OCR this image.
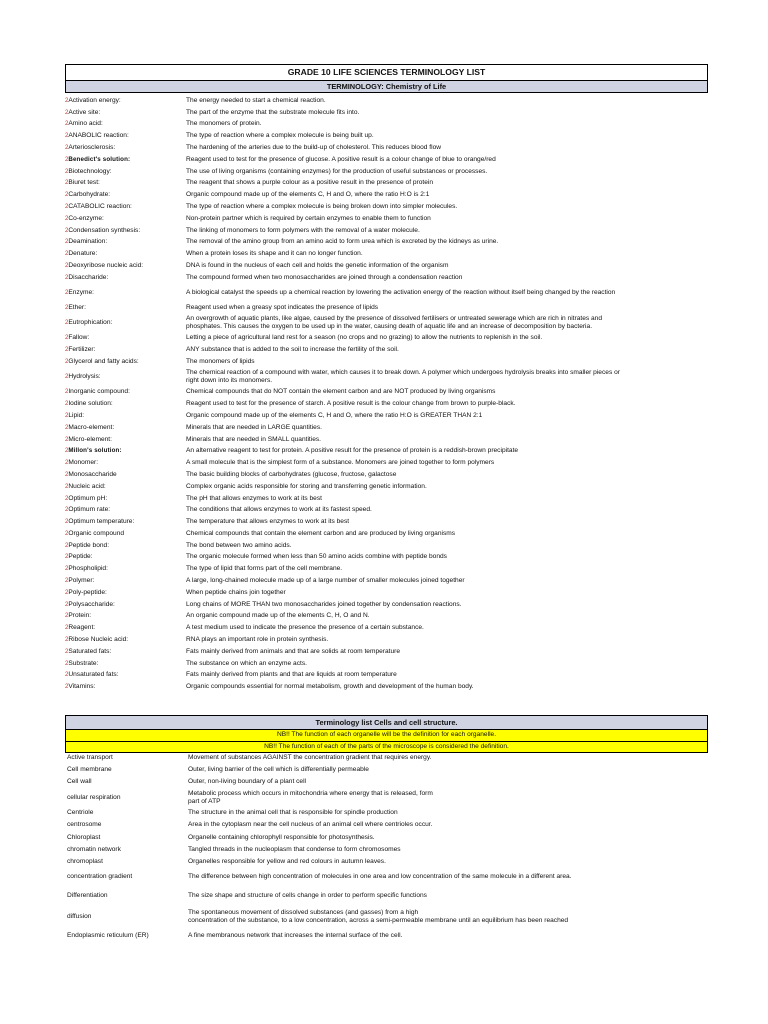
GRADE 10 LIFE SCIENCES TERMINOLOGY LIST
TERMINOLOGY: Chemistry of Life
2Activation energy:	The energy needed to start a chemical reaction.
2Active site:	The part of the enzyme that the substrate molecule fits into.
2Amino acid:	The monomers of protein.
2ANABOLIC reaction:	The type of reaction where a complex molecule is being built up.
2Arteriosclerosis:	The hardening of the arteries due to the build-up of cholesterol. This reduces blood flow
2Benedict's solution:	Reagent used to test for the presence of glucose. A positive result is a colour change of blue to orange/red
2Biotechnology:	The use of living organisms (containing enzymes) for the production of useful substances or processes.
2Biuret test:	The reagent that shows a purple colour as a positive result in the presence of protein
2Carbohydrate:	Organic compound made up of the elements C, H and O, where the ratio H:O is 2:1
2CATABOLIC reaction:	The type of reaction where a complex molecule is being broken down into simpler molecules.
2Co-enzyme:	Non-protein partner which is required by certain enzymes to enable them to function
2Condensation synthesis:	The linking of monomers to form polymers with the removal of a water molecule.
2Deamination:	The removal of the amino group from an amino acid to form urea which is excreted by the kidneys as urine.
2Denature:	When a protein loses its shape and it can no longer function.
2Deoxyribose nucleic acid:	DNA is found in the nucleus of each cell and holds the genetic information of the organism
2Disaccharide:	The compound formed when two monosaccharides are joined through a condensation reaction
2Enzyme:	A biological catalyst the speeds up a chemical reaction by lowering the activation energy of the reaction without itself being changed by the reaction
2Ether:	Reagent used when a greasy spot indicates the presence of lipids
2Eutrophication:
An overgrowth of aquatic plants, like algae, caused by the presence of dissolved fertilisers or untreated sewerage which are rich in nitrates and
phosphates. This causes the oxygen to be used up in the water, causing death of aquatic life and an increase of decomposition by bacteria.
2Fallow:	Letting a piece of agricultural land rest for a season (no crops and no grazing) to allow the nutrients to replenish in the soil.
2Fertilizer:	ANY substance that is added to the soil to increase the fertility of the soil.
2Glycerol and fatty acids:	The monomers of lipids
2Hydrolysis:
The chemical reaction of a compound with water, which causes it to break down. A polymer which undergoes hydrolysis breaks into smaller pieces or
right down into its monomers.
2Inorganic compound:	Chemical compounds that do NOT contain the element carbon and are NOT produced by living organisms
2Iodine solution:	Reagent used to test for the presence of starch. A positive result is the colour change from brown to purple-black.
2Lipid:	Organic compound made up of the elements C, H and O, where the ratio H:O is GREATER THAN 2:1
2Macro-element:	Minerals that are needed in LARGE quantities.
2Micro-element:	Minerals that are needed in SMALL quantities.
2Millon's solution:	An alternative reagent to test for protein. A positive result for the presence of protein is a reddish-brown precipitate
2Monomer:	A small molecule that is the simplest form of a substance. Monomers are joined together to form polymers
2Monosaccharide	The basic building blocks of carbohydrates (glucose, fructose, galactose
2Nucleic acid:	Complex organic acids responsible for storing and transferring genetic information.
2Optimum pH:	The pH that allows enzymes to work at its best
2Optimum rate:	The conditions that allows enzymes to work at its fastest speed.
2Optimum temperature:	The temperature that allows enzymes to work at its best
2Organic compound	Chemical compounds that contain the element carbon and are produced by living organisms
2Peptide bond:	The bond between two amino acids.
2Peptide:	The organic molecule formed when less than 50 amino acids combine with peptide bonds
2Phospholipid:	The type of lipid that forms part of the cell membrane.
2Polymer:	A large, long-chained molecule made up of a large number of smaller molecules joined together
2Poly-peptide:	When peptide chains join together
2Polysaccharide:	Long chains of MORE THAN two monosaccharides joined together by condensation reactions.
2Protein:	An organic compound made up of the elements C, H, O and N.
2Reagent:	A test medium used to indicate the presence the presence of a certain substance.
2Ribose Nucleic acid:	RNA plays an important role in protein synthesis.
2Saturated fats:	Fats mainly derived from animals and that are solids at room temperature
2Substrate:	The substance on which an enzyme acts.
2Unsaturated fats:	Fats mainly derived from plants and that are liquids at room temperature
2Vitamins:	Organic compounds essential for normal metabolism, growth and development of the human body.
Terminology list Cells and cell structure.
NB!! The function of each organelle will be the definition for each organelle.
NB!! The function of each of the parts of the microscope is considered the definition.
Active transport	Movement of substances AGAINST the concentration gradient that requires energy.
Cell membrane	Outer, living barrier of the cell which is differentially permeable
Cell wall	Outer, non-living boundary of a plant cell
cellular respiration
Metabolic process which occurs in mitochondria where energy that is released, form
part of ATP
Centriole	The structure in the animal cell that is responsible for spindle production
centrosome	Area in the cytoplasm near the cell nucleus of an animal cell where centrioles occur.
Chloroplast	Organelle containing chlorophyll responsible for photosynthesis.
chromatin network	Tangled threads in the nucleoplasm that condense to form chromosomes
chromoplast	Organelles responsible for yellow and red colours in autumn leaves.
concentration gradient	The difference between high concentration of molecules in one area and low concentration of the same molecule in a different area.
Differentiation	The size shape and structure of cells change in order to perform specific functions
diffusion
The spontaneous movement of dissolved substances (and gasses) from a high
concentration of the substance, to a low concentration, across a semi-permeable membrane until an equilibrium has been reached
Endoplasmic reticulum (ER)	A fine membranous network that increases the internal surface of the cell.
